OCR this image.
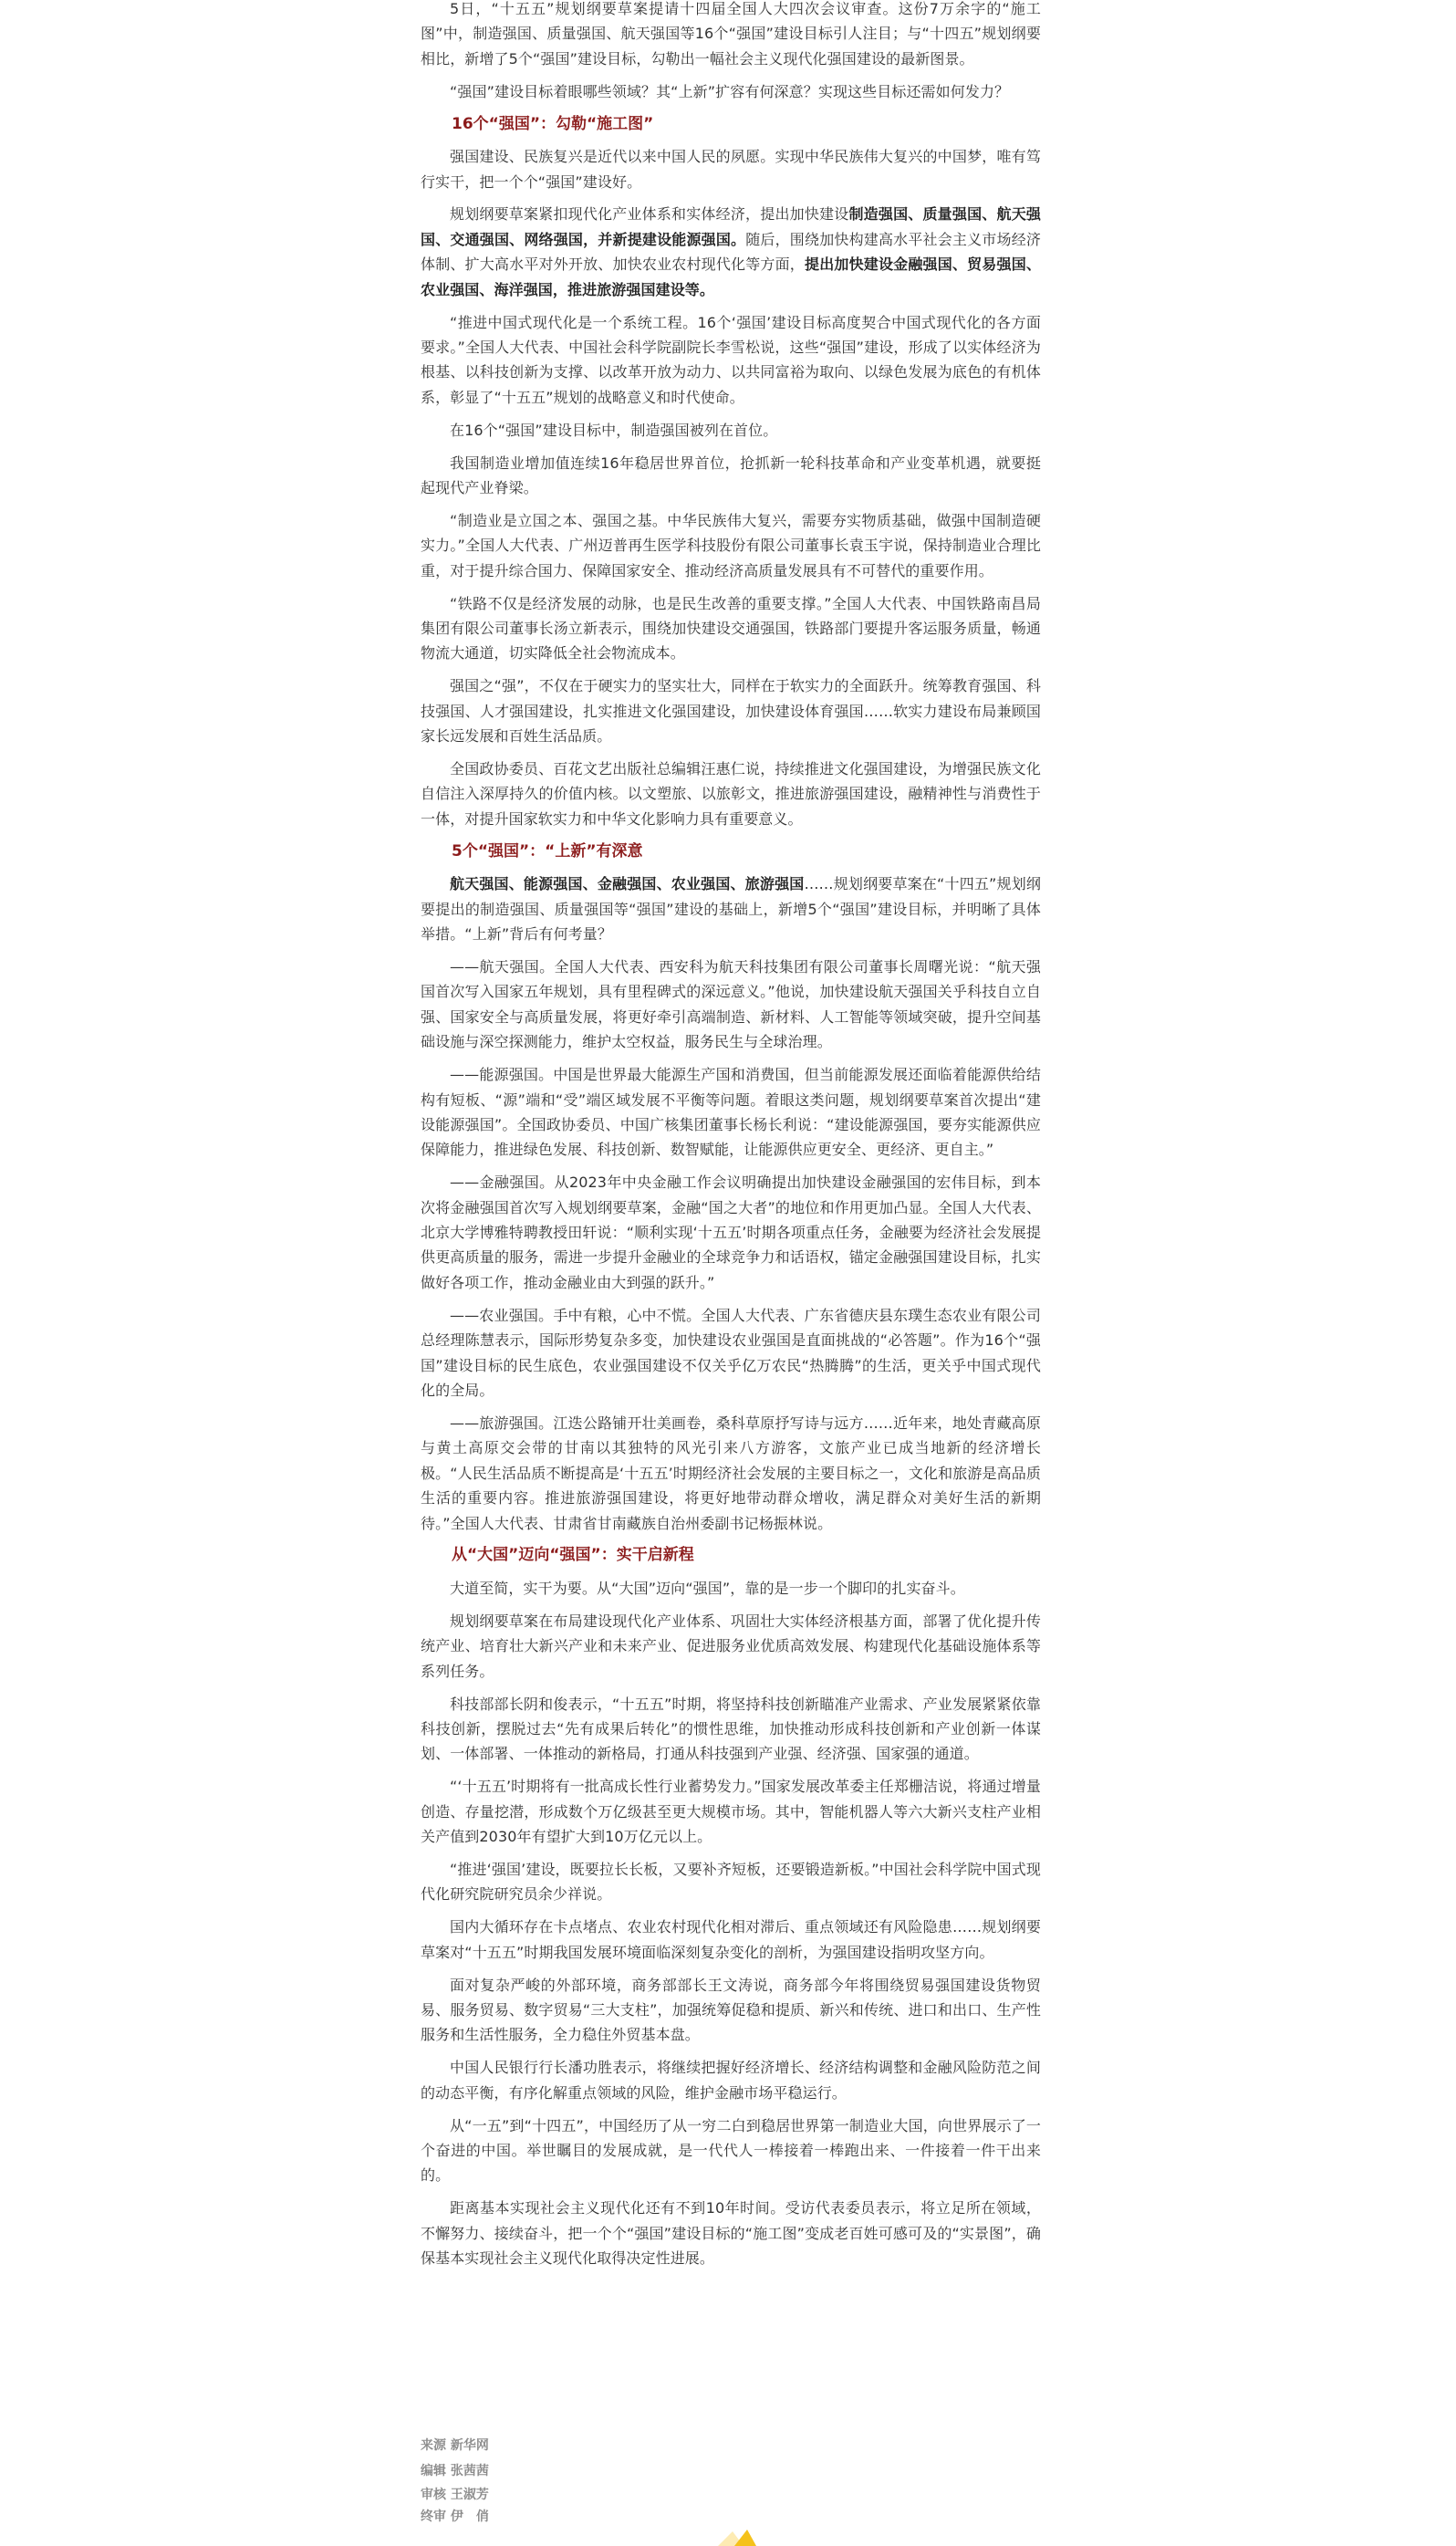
5日，“十五五”规划纲要草案提请十四届全国人大四次会议审查。这份7万余字的“施工图”中，制造强国、质量强国、航天强国等16个“强国”建设目标引人注目；与“十四五”规划纲要相比，新增了5个“强国”建设目标，勾勒出一幅社会主义现代化强国建设的最新图景。

“强国”建设目标着眼哪些领域？其“上新”扩容有何深意？实现这些目标还需如何发力？

16个“强国”：勾勒“施工图”

强国建设、民族复兴是近代以来中国人民的夙愿。实现中华民族伟大复兴的中国梦，唯有笃行实干，把一个个“强国”建设好。

规划纲要草案紧扣现代化产业体系和实体经济，提出加快建设制造强国、质量强国、航天强国、交通强国、网络强国，并新提建设能源强国。随后，围绕加快构建高水平社会主义市场经济体制、扩大高水平对外开放、加快农业农村现代化等方面，提出加快建设金融强国、贸易强国、农业强国、海洋强国，推进旅游强国建设等。

“推进中国式现代化是一个系统工程。16个‘强国’建设目标高度契合中国式现代化的各方面要求。”全国人大代表、中国社会科学院副院长李雪松说，这些“强国”建设，形成了以实体经济为根基、以科技创新为支撑、以改革开放为动力、以共同富裕为取向、以绿色发展为底色的有机体系，彰显了“十五五”规划的战略意义和时代使命。

在16个“强国”建设目标中，制造强国被列在首位。

我国制造业增加值连续16年稳居世界首位，抢抓新一轮科技革命和产业变革机遇，就要挺起现代产业脊梁。

“制造业是立国之本、强国之基。中华民族伟大复兴，需要夯实物质基础，做强中国制造硬实力。”全国人大代表、广州迈普再生医学科技股份有限公司董事长袁玉宇说，保持制造业合理比重，对于提升综合国力、保障国家安全、推动经济高质量发展具有不可替代的重要作用。

“铁路不仅是经济发展的动脉，也是民生改善的重要支撑。”全国人大代表、中国铁路南昌局集团有限公司董事长汤立新表示，围绕加快建设交通强国，铁路部门要提升客运服务质量，畅通物流大通道，切实降低全社会物流成本。

强国之“强”，不仅在于硬实力的坚实壮大，同样在于软实力的全面跃升。统筹教育强国、科技强国、人才强国建设，扎实推进文化强国建设，加快建设体育强国……软实力建设布局兼顾国家长远发展和百姓生活品质。

全国政协委员、百花文艺出版社总编辑汪惠仁说，持续推进文化强国建设，为增强民族文化自信注入深厚持久的价值内核。以文塑旅、以旅彰文，推进旅游强国建设，融精神性与消费性于一体，对提升国家软实力和中华文化影响力具有重要意义。

5个“强国”：“上新”有深意

航天强国、能源强国、金融强国、农业强国、旅游强国……规划纲要草案在“十四五”规划纲要提出的制造强国、质量强国等“强国”建设的基础上，新增5个“强国”建设目标，并明晰了具体举措。“上新”背后有何考量？

——航天强国。全国人大代表、西安科为航天科技集团有限公司董事长周曙光说：“航天强国首次写入国家五年规划，具有里程碑式的深远意义。”他说，加快建设航天强国关乎科技自立自强、国家安全与高质量发展，将更好牵引高端制造、新材料、人工智能等领域突破，提升空间基础设施与深空探测能力，维护太空权益，服务民生与全球治理。

——能源强国。中国是世界最大能源生产国和消费国，但当前能源发展还面临着能源供给结构有短板、“源”端和“受”端区域发展不平衡等问题。着眼这类问题，规划纲要草案首次提出“建设能源强国”。全国政协委员、中国广核集团董事长杨长利说：“建设能源强国，要夯实能源供应保障能力，推进绿色发展、科技创新、数智赋能，让能源供应更安全、更经济、更自主。”

——金融强国。从2023年中央金融工作会议明确提出加快建设金融强国的宏伟目标，到本次将金融强国首次写入规划纲要草案，金融“国之大者”的地位和作用更加凸显。全国人大代表、北京大学博雅特聘教授田轩说：“顺利实现‘十五五’时期各项重点任务，金融要为经济社会发展提供更高质量的服务，需进一步提升金融业的全球竞争力和话语权，锚定金融强国建设目标，扎实做好各项工作，推动金融业由大到强的跃升。”

——农业强国。手中有粮，心中不慌。全国人大代表、广东省德庆县东璞生态农业有限公司总经理陈慧表示，国际形势复杂多变，加快建设农业强国是直面挑战的“必答题”。作为16个“强国”建设目标的民生底色，农业强国建设不仅关乎亿万农民“热腾腾”的生活，更关乎中国式现代化的全局。

——旅游强国。江迭公路铺开壮美画卷，桑科草原抒写诗与远方……近年来，地处青藏高原与黄土高原交会带的甘南以其独特的风光引来八方游客，文旅产业已成当地新的经济增长极。“人民生活品质不断提高是‘十五五’时期经济社会发展的主要目标之一，文化和旅游是高品质生活的重要内容。推进旅游强国建设，将更好地带动群众增收，满足群众对美好生活的新期待。”全国人大代表、甘肃省甘南藏族自治州委副书记杨振林说。

从“大国”迈向“强国”：实干启新程

大道至简，实干为要。从“大国”迈向“强国”，靠的是一步一个脚印的扎实奋斗。

规划纲要草案在布局建设现代化产业体系、巩固壮大实体经济根基方面，部署了优化提升传统产业、培育壮大新兴产业和未来产业、促进服务业优质高效发展、构建现代化基础设施体系等系列任务。

科技部部长阴和俊表示，“十五五”时期，将坚持科技创新瞄准产业需求、产业发展紧紧依靠科技创新，摆脱过去“先有成果后转化”的惯性思维，加快推动形成科技创新和产业创新一体谋划、一体部署、一体推动的新格局，打通从科技强到产业强、经济强、国家强的通道。

“‘十五五’时期将有一批高成长性行业蓄势发力。”国家发展改革委主任郑栅洁说，将通过增量创造、存量挖潜，形成数个万亿级甚至更大规模市场。其中，智能机器人等六大新兴支柱产业相关产值到2030年有望扩大到10万亿元以上。

“推进‘强国’建设，既要拉长长板，又要补齐短板，还要锻造新板。”中国社会科学院中国式现代化研究院研究员余少祥说。

国内大循环存在卡点堵点、农业农村现代化相对滞后、重点领域还有风险隐患……规划纲要草案对“十五五”时期我国发展环境面临深刻复杂变化的剖析，为强国建设指明攻坚方向。

面对复杂严峻的外部环境，商务部部长王文涛说，商务部今年将围绕贸易强国建设货物贸易、服务贸易、数字贸易“三大支柱”，加强统筹促稳和提质、新兴和传统、进口和出口、生产性服务和生活性服务，全力稳住外贸基本盘。

中国人民银行行长潘功胜表示，将继续把握好经济增长、经济结构调整和金融风险防范之间的动态平衡，有序化解重点领域的风险，维护金融市场平稳运行。

从“一五”到“十四五”，中国经历了从一穷二白到稳居世界第一制造业大国，向世界展示了一个奋进的中国。举世瞩目的发展成就，是一代代人一棒接着一棒跑出来、一件接着一件干出来的。

距离基本实现社会主义现代化还有不到10年时间。受访代表委员表示，将立足所在领域，不懈努力、接续奋斗，把一个个“强国”建设目标的“施工图”变成老百姓可感可及的“实景图”，确保基本实现社会主义现代化取得决定性进展。

来源 新华网
编辑 张茜茜
审核 王淑芳
终审 伊　俏
